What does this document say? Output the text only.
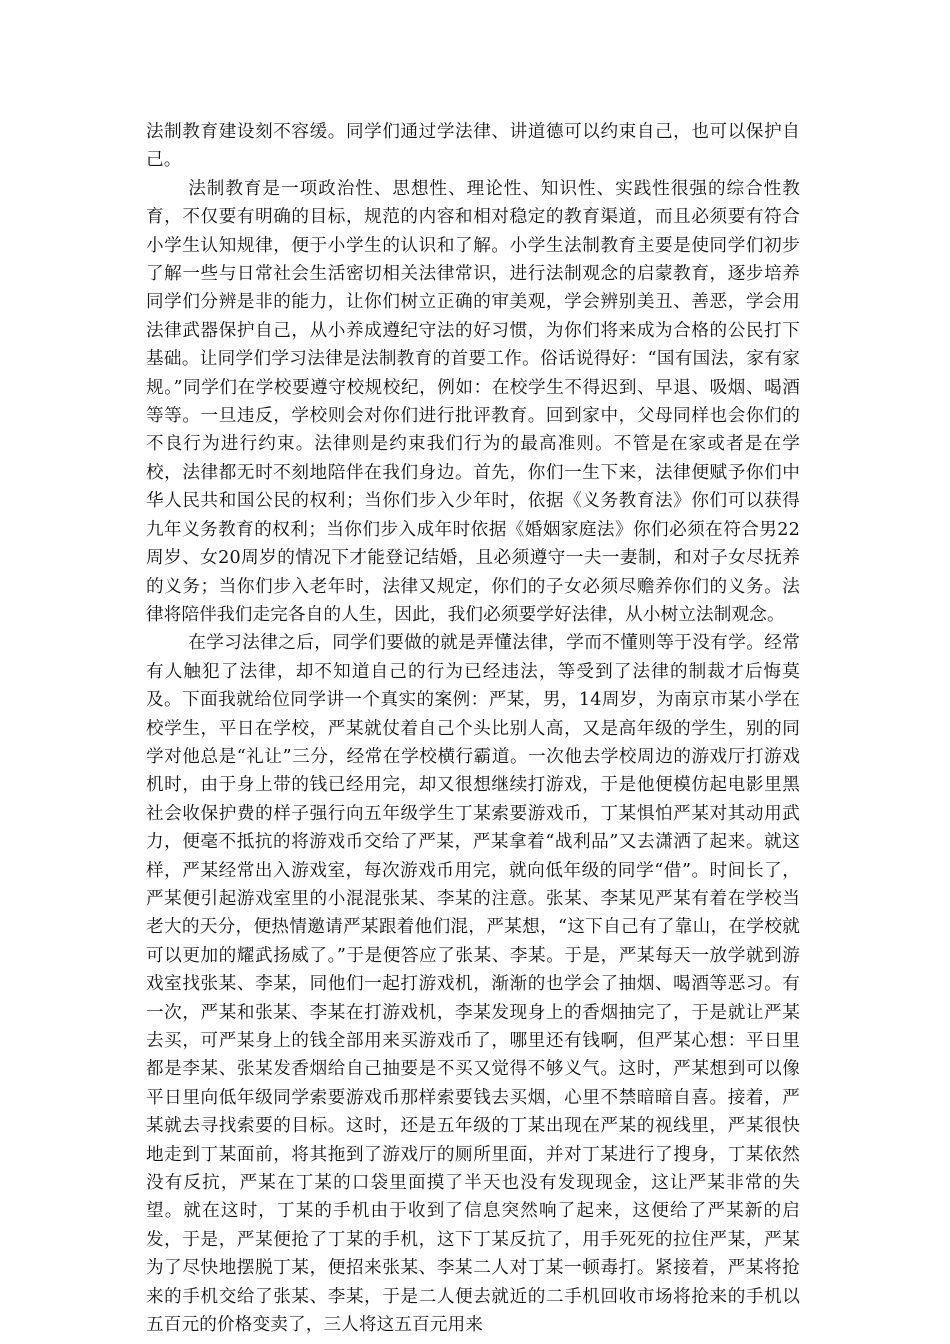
法制教育建设刻不容缓。同学们通过学法律、讲道德可以约束自己，也可以保护自己。

法制教育是一项政治性、思想性、理论性、知识性、实践性很强的综合性教育，不仅要有明确的目标，规范的内容和相对稳定的教育渠道，而且必须要有符合小学生认知规律，便于小学生的认识和了解。小学生法制教育主要是使同学们初步了解一些与日常社会生活密切相关法律常识，进行法制观念的启蒙教育，逐步培养同学们分辨是非的能力，让你们树立正确的审美观，学会辨别美丑、善恶，学会用法律武器保护自己，从小养成遵纪守法的好习惯，为你们将来成为合格的公民打下基础。让同学们学习法律是法制教育的首要工作。俗话说得好：“国有国法，家有家规。”同学们在学校要遵守校规校纪，例如：在校学生不得迟到、早退、吸烟、喝酒等等。一旦违反，学校则会对你们进行批评教育。回到家中，父母同样也会你们的不良行为进行约束。法律则是约束我们行为的最高准则。不管是在家或者是在学校，法律都无时不刻地陪伴在我们身边。首先，你们一生下来，法律便赋予你们中华人民共和国公民的权利；当你们步入少年时，依据《义务教育法》你们可以获得九年义务教育的权利；当你们步入成年时依据《婚姻家庭法》你们必须在符合男22周岁、女20周岁的情况下才能登记结婚，且必须遵守一夫一妻制，和对子女尽抚养的义务；当你们步入老年时，法律又规定，你们的子女必须尽赡养你们的义务。法律将陪伴我们走完各自的人生，因此，我们必须要学好法律，从小树立法制观念。

在学习法律之后，同学们要做的就是弄懂法律，学而不懂则等于没有学。经常有人触犯了法律，却不知道自己的行为已经违法，等受到了法律的制裁才后悔莫及。下面我就给位同学讲一个真实的案例：严某，男，14周岁，为南京市某小学在校学生，平日在学校，严某就仗着自己个头比别人高，又是高年级的学生，别的同学对他总是“礼让”三分，经常在学校横行霸道。一次他去学校周边的游戏厅打游戏机时，由于身上带的钱已经用完，却又很想继续打游戏，于是他便模仿起电影里黑社会收保护费的样子强行向五年级学生丁某索要游戏币，丁某惧怕严某对其动用武力，便毫不抵抗的将游戏币交给了严某，严某拿着“战利品”又去潇洒了起来。就这样，严某经常出入游戏室，每次游戏币用完，就向低年级的同学“借”。时间长了，严某便引起游戏室里的小混混张某、李某的注意。张某、李某见严某有着在学校当老大的天分，便热情邀请严某跟着他们混，严某想，“这下自己有了靠山，在学校就可以更加的耀武扬威了。”于是便答应了张某、李某。于是，严某每天一放学就到游戏室找张某、李某，同他们一起打游戏机，渐渐的也学会了抽烟、喝酒等恶习。有一次，严某和张某、李某在打游戏机，李某发现身上的香烟抽完了，于是就让严某去买，可严某身上的钱全部用来买游戏币了，哪里还有钱啊，但严某心想：平日里都是李某、张某发香烟给自己抽要是不买又觉得不够义气。这时，严某想到可以像平日里向低年级同学索要游戏币那样索要钱去买烟，心里不禁暗暗自喜。接着，严某就去寻找索要的目标。这时，还是五年级的丁某出现在严某的视线里，严某很快地走到丁某面前，将其拖到了游戏厅的厕所里面，并对丁某进行了搜身，丁某依然没有反抗，严某在丁某的口袋里面摸了半天也没有发现现金，这让严某非常的失望。就在这时，丁某的手机由于收到了信息突然响了起来，这便给了严某新的启发，于是，严某便抢了丁某的手机，这下丁某反抗了，用手死死的拉住严某，严某为了尽快地摆脱丁某，便招来张某、李某二人对丁某一顿毒打。紧接着，严某将抢来的手机交给了张某、李某，于是二人便去就近的二手机回收市场将抢来的手机以五百元的价格变卖了，三人将这五百元用来
